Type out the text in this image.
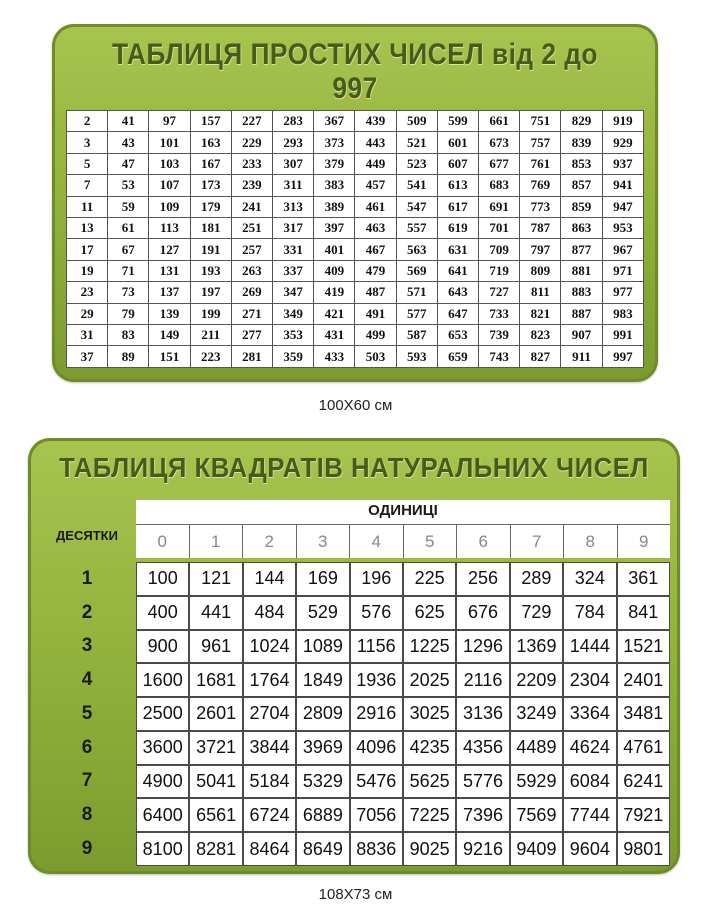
ТАБЛИЦЯ ПРОСТИХ ЧИСЕЛ від 2 до 997
2	41	97	157	227	283	367	439	509	599	661	751	829	919
3	43	101	163	229	293	373	443	521	601	673	757	839	929
5	47	103	167	233	307	379	449	523	607	677	761	853	937
7	53	107	173	239	311	383	457	541	613	683	769	857	941
11	59	109	179	241	313	389	461	547	617	691	773	859	947
13	61	113	181	251	317	397	463	557	619	701	787	863	953
17	67	127	191	257	331	401	467	563	631	709	797	877	967
19	71	131	193	263	337	409	479	569	641	719	809	881	971
23	73	137	197	269	347	419	487	571	643	727	811	883	977
29	79	139	199	271	349	421	491	577	647	733	821	887	983
31	83	149	211	277	353	431	499	587	653	739	823	907	991
37	89	151	223	281	359	433	503	593	659	743	827	911	997
100Х60 см
ТАБЛИЦЯ КВАДРАТІВ НАТУРАЛЬНИХ ЧИСЕЛ
ДЕСЯТКИ
ОДИНИЦІ
0	1	2	3	4	5	6	7	8	9
1	100	121	144	169	196	225	256	289	324	361
2	400	441	484	529	576	625	676	729	784	841
3	900	961	1024	1089	1156	1225	1296	1369	1444	1521
4	1600	1681	1764	1849	1936	2025	2116	2209	2304	2401
5	2500	2601	2704	2809	2916	3025	3136	3249	3364	3481
6	3600	3721	3844	3969	4096	4235	4356	4489	4624	4761
7	4900	5041	5184	5329	5476	5625	5776	5929	6084	6241
8	6400	6561	6724	6889	7056	7225	7396	7569	7744	7921
9	8100	8281	8464	8649	8836	9025	9216	9409	9604	9801
108Х73 см
